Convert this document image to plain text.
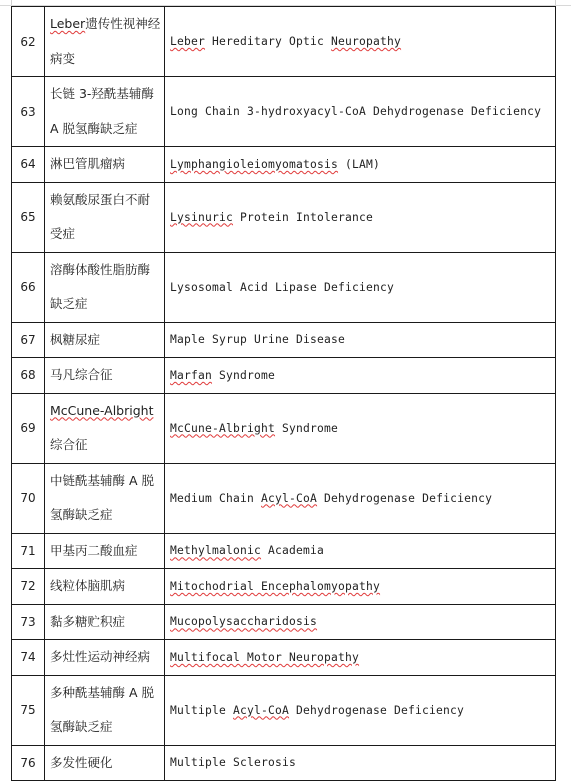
62	Leber遗传性视神经病变	Leber Hereditary Optic Neuropathy
63	长链 3-羟酰基辅酶 A 脱氢酶缺乏症	Long Chain 3-hydroxyacyl-CoA Dehydrogenase Deficiency
64	淋巴管肌瘤病	Lymphangioleiomyomatosis (LAM)
65	赖氨酸尿蛋白不耐受症	Lysinuric Protein Intolerance
66	溶酶体酸性脂肪酶缺乏症	Lysosomal Acid Lipase Deficiency
67	枫糖尿症	Maple Syrup Urine Disease
68	马凡综合征	Marfan Syndrome
69	McCune-Albright综合征	McCune-Albright Syndrome
70	中链酰基辅酶 A 脱氢酶缺乏症	Medium Chain Acyl-CoA Dehydrogenase Deficiency
71	甲基丙二酸血症	Methylmalonic Academia
72	线粒体脑肌病	Mitochodrial Encephalomyopathy
73	黏多糖贮积症	Mucopolysaccharidosis
74	多灶性运动神经病	Multifocal Motor Neuropathy
75	多种酰基辅酶 A 脱氢酶缺乏症	Multiple Acyl-CoA Dehydrogenase Deficiency
76	多发性硬化	Multiple Sclerosis
